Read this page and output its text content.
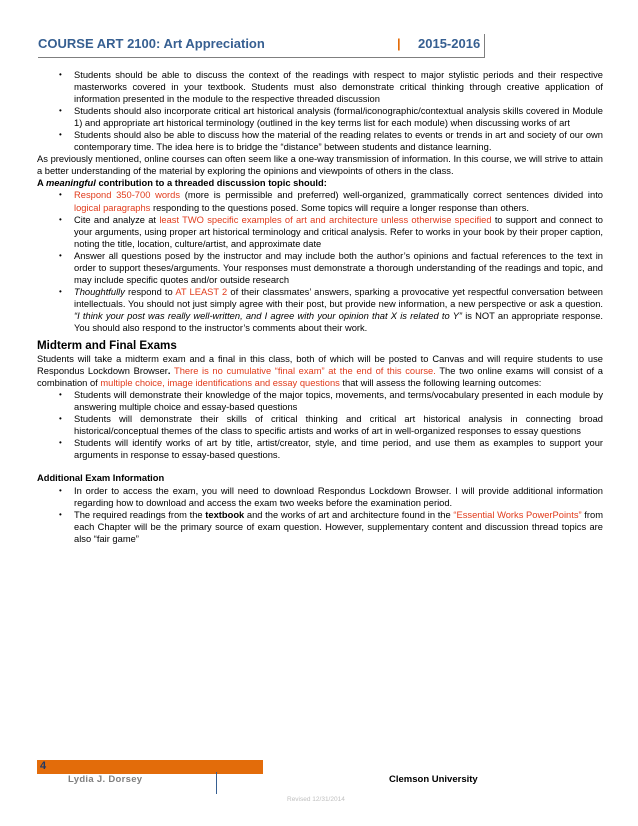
COURSE ART 2100: Art Appreciation	| 2015-2016
• Students should be able to discuss the context of the readings with respect to major stylistic periods and their respective masterworks covered in your textbook. Students must also demonstrate critical thinking through creative application of information presented in the module to the respective threaded discussion
• Students should also incorporate critical art historical analysis (formal/iconographic/contextual analysis skills covered in Module 1) and appropriate art historical terminology (outlined in the key terms list for each module) when discussing works of art
• Students should also be able to discuss how the material of the reading relates to events or trends in art and society of our own contemporary time. The idea here is to bridge the “distance” between students and distance learning.

As previously mentioned, online courses can often seem like a one-way transmission of information. In this course, we will strive to attain a better understanding of the material by exploring the opinions and viewpoints of others in the class.

A meaningful contribution to a threaded discussion topic should:

• Respond 350-700 words (more is permissible and preferred) well-organized, grammatically correct sentences divided into logical paragraphs responding to the questions posed. Some topics will require a longer response than others.
• Cite and analyze at least TWO specific examples of art and architecture unless otherwise specified to support and connect to your arguments, using proper art historical terminology and critical analysis. Refer to works in your book by their proper caption, noting the title, location, culture/artist, and approximate date
• Answer all questions posed by the instructor and may include both the author’s opinions and factual references to the text in order to support theses/arguments. Your responses must demonstrate a thorough understanding of the readings and topic, and may include specific quotes and/or outside research
• Thoughtfully respond to AT LEAST 2 of their classmates’ answers, sparking a provocative yet respectful conversation between intellectuals. You should not just simply agree with their post, but provide new information, a new perspective or ask a question. “I think your post was really well-written, and I agree with your opinion that X is related to Y” is NOT an appropriate response. You should also respond to the instructor’s comments about their work.
Midterm and Final Exams

Students will take a midterm exam and a final in this class, both of which will be posted to Canvas and will require students to use Respondus Lockdown Browser. There is no cumulative “final exam” at the end of this course. The two online exams will consist of a combination of multiple choice, image identifications and essay questions that will assess the following learning outcomes:

• Students will demonstrate their knowledge of the major topics, movements, and terms/vocabulary presented in each module by answering multiple choice and essay-based questions
• Students will demonstrate their skills of critical thinking and critical art historical analysis in connecting broad historical/conceptual themes of the class to specific artists and works of art in well-organized responses to essay questions
• Students will identify works of art by title, artist/creator, style, and time period, and use them as examples to support your arguments in response to essay-based questions.
Additional Exam Information
• In order to access the exam, you will need to download Respondus Lockdown Browser. I will provide additional information regarding how to download and access the exam two weeks before the examination period.
• The required readings from the textbook and the works of art and architecture found in the “Essential Works PowerPoints” from each Chapter will be the primary source of exam question. However, supplementary content and discussion thread topics are also “fair game”
4
Lydia J. Dorsey	Clemson University
Revised 12/31/2014
